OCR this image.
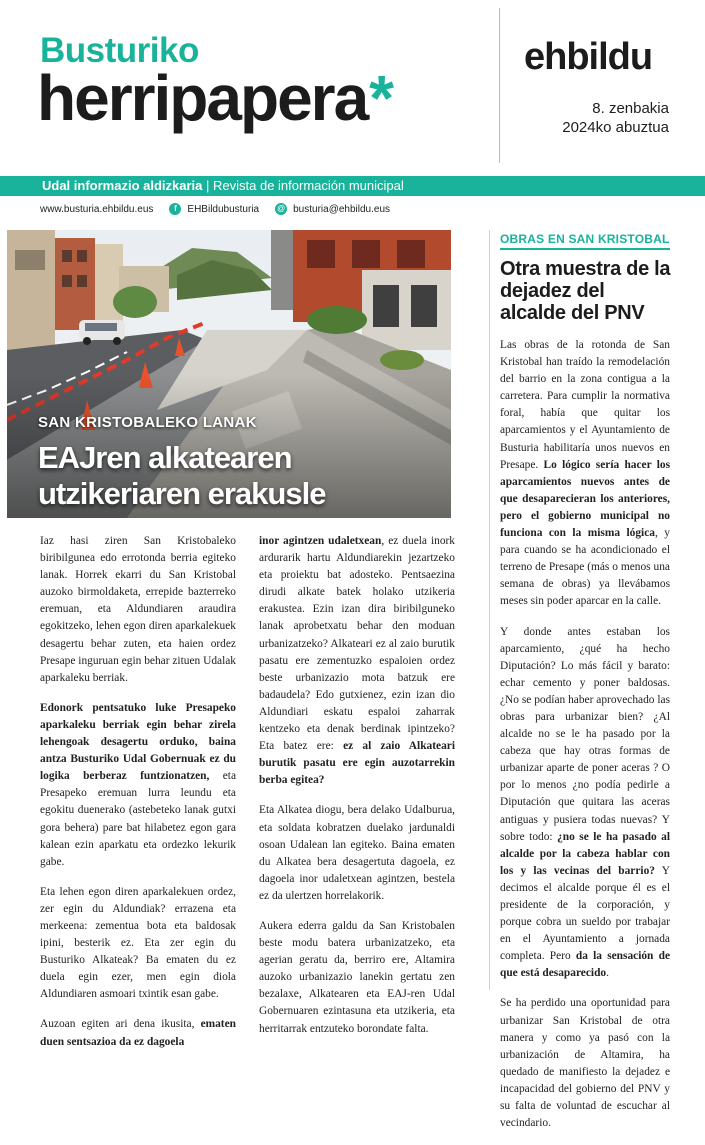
Busturiko
herripapera*
ehbildu
8. zenbakia
2024ko abuztua
Udal informazio aldizkaria | Revista de información municipal
www.busturia.ehbildu.eus	f	EHBildubusturia @ busturia@ehbildu.eus
SAN KRISTOBALEKO LANAK
EAJren alkatearen
utzikeriaren erakusle

Iaz hasi ziren San Kristobaleko biribilgunea edo errotonda berria egiteko lanak. Horrek ekarri du San Kristobal auzoko birmoldaketa, errepide bazterreko eremuan, eta Aldundiaren araudira egokitzeko, lehen egon diren aparkalekuek desagertu behar zuten, eta haien ordez Presape inguruan egin behar zituen Udalak aparkaleku berriak.

Edonork pentsatuko luke Presapeko aparkaleku berriak egin behar zirela lehengoak desagertu orduko, baina antza Busturiko Udal Gobernuak ez du logika berberaz funtzionatzen, eta Presapeko eremuan lurra leundu eta egokitu duenerako (astebeteko lanak gutxi gora behera) pare bat hilabetez egon gara kalean ezin aparkatu eta ordezko lekurik gabe.

Eta lehen egon diren aparkalekuen ordez, zer egin du Aldundiak? errazena eta merkeena: zementua bota eta baldosak ipini, besterik ez. Eta zer egin du Busturiko Alkateak? Ba ematen du ez duela egin ezer, men egin diola Aldundiaren asmoari txintik esan gabe.

Auzoan egiten ari dena ikusita, ematen duen sentsazioa da ez dagoela

inor agintzen udaletxean, ez duela inork ardurarik hartu Aldundiarekin jezartzeko eta proiektu bat adosteko. Pentsaezina dirudi alkate batek holako utzikeria erakustea. Ezin izan dira biribilguneko lanak aprobetxatu behar den moduan urbanizatzeko? Alkateari ez al zaio burutik pasatu ere zementuzko espaloien ordez beste urbanizazio mota batzuk ere badaudela? Edo gutxienez, ezin izan dio Aldundiari eskatu espaloi zaharrak kentzeko eta denak berdinak ipintzeko? Eta batez ere: ez al zaio Alkateari burutik pasatu ere egin auzotarrekin berba egitea?

Eta Alkatea diogu, bera delako Udalburua, eta soldata kobratzen duelako jardunaldi osoan Udalean lan egiteko. Baina ematen du Alkatea bera desagertuta dagoela, ez dagoela inor udaletxean agintzen, bestela ez da ulertzen horrelakorik.

Aukera ederra galdu da San Kristobalen beste modu batera urbanizatzeko, eta agerian geratu da, berriro ere, Altamira auzoko urbanizazio lanekin gertatu zen bezalaxe, Alkatearen eta EAJ-ren Udal Gobernuaren ezintasuna eta utzikeria, eta herritarrak entzuteko borondate falta.

OBRAS EN SAN KRISTOBAL
Otra muestra de la dejadez del alcalde del PNV

Las obras de la rotonda de San Kristobal han traído la remodelación del barrio en la zona contigua a la carretera. Para cumplir la normativa foral, había que quitar los aparcamientos y el Ayuntamiento de Busturia habilitaría unos nuevos en Presape. Lo lógico sería hacer los aparcamientos nuevos antes de que desaparecieran los anteriores, pero el gobierno municipal no funciona con la misma lógica, y para cuando se ha acondicionado el terreno de Presape (más o menos una semana de obras) ya llevábamos meses sin poder aparcar en la calle.

Y donde antes estaban los aparcamiento, ¿qué ha hecho Diputación? Lo más fácil y barato: echar cemento y poner baldosas. ¿No se podían haber aprovechado las obras para urbanizar bien? ¿Al alcalde no se le ha pasado por la cabeza que hay otras formas de urbanizar aparte de poner aceras ? O por lo menos ¿no podía pedirle a Diputación que quitara las aceras antiguas y pusiera todas nuevas? Y sobre todo: ¿no se le ha pasado al alcalde por la cabeza hablar con los y las vecinas del barrio? Y decimos el alcalde porque él es el presidente de la corporación, y porque cobra un sueldo por trabajar en el Ayuntamiento a jornada completa. Pero da la sensación de que está desaparecido.

Se ha perdido una oportunidad para urbanizar San Kristobal de otra manera y como ya pasó con la urbanización de Altamira, ha quedado de manifiesto la dejadez e incapacidad del gobierno del PNV y su falta de voluntad de escuchar al vecindario.
